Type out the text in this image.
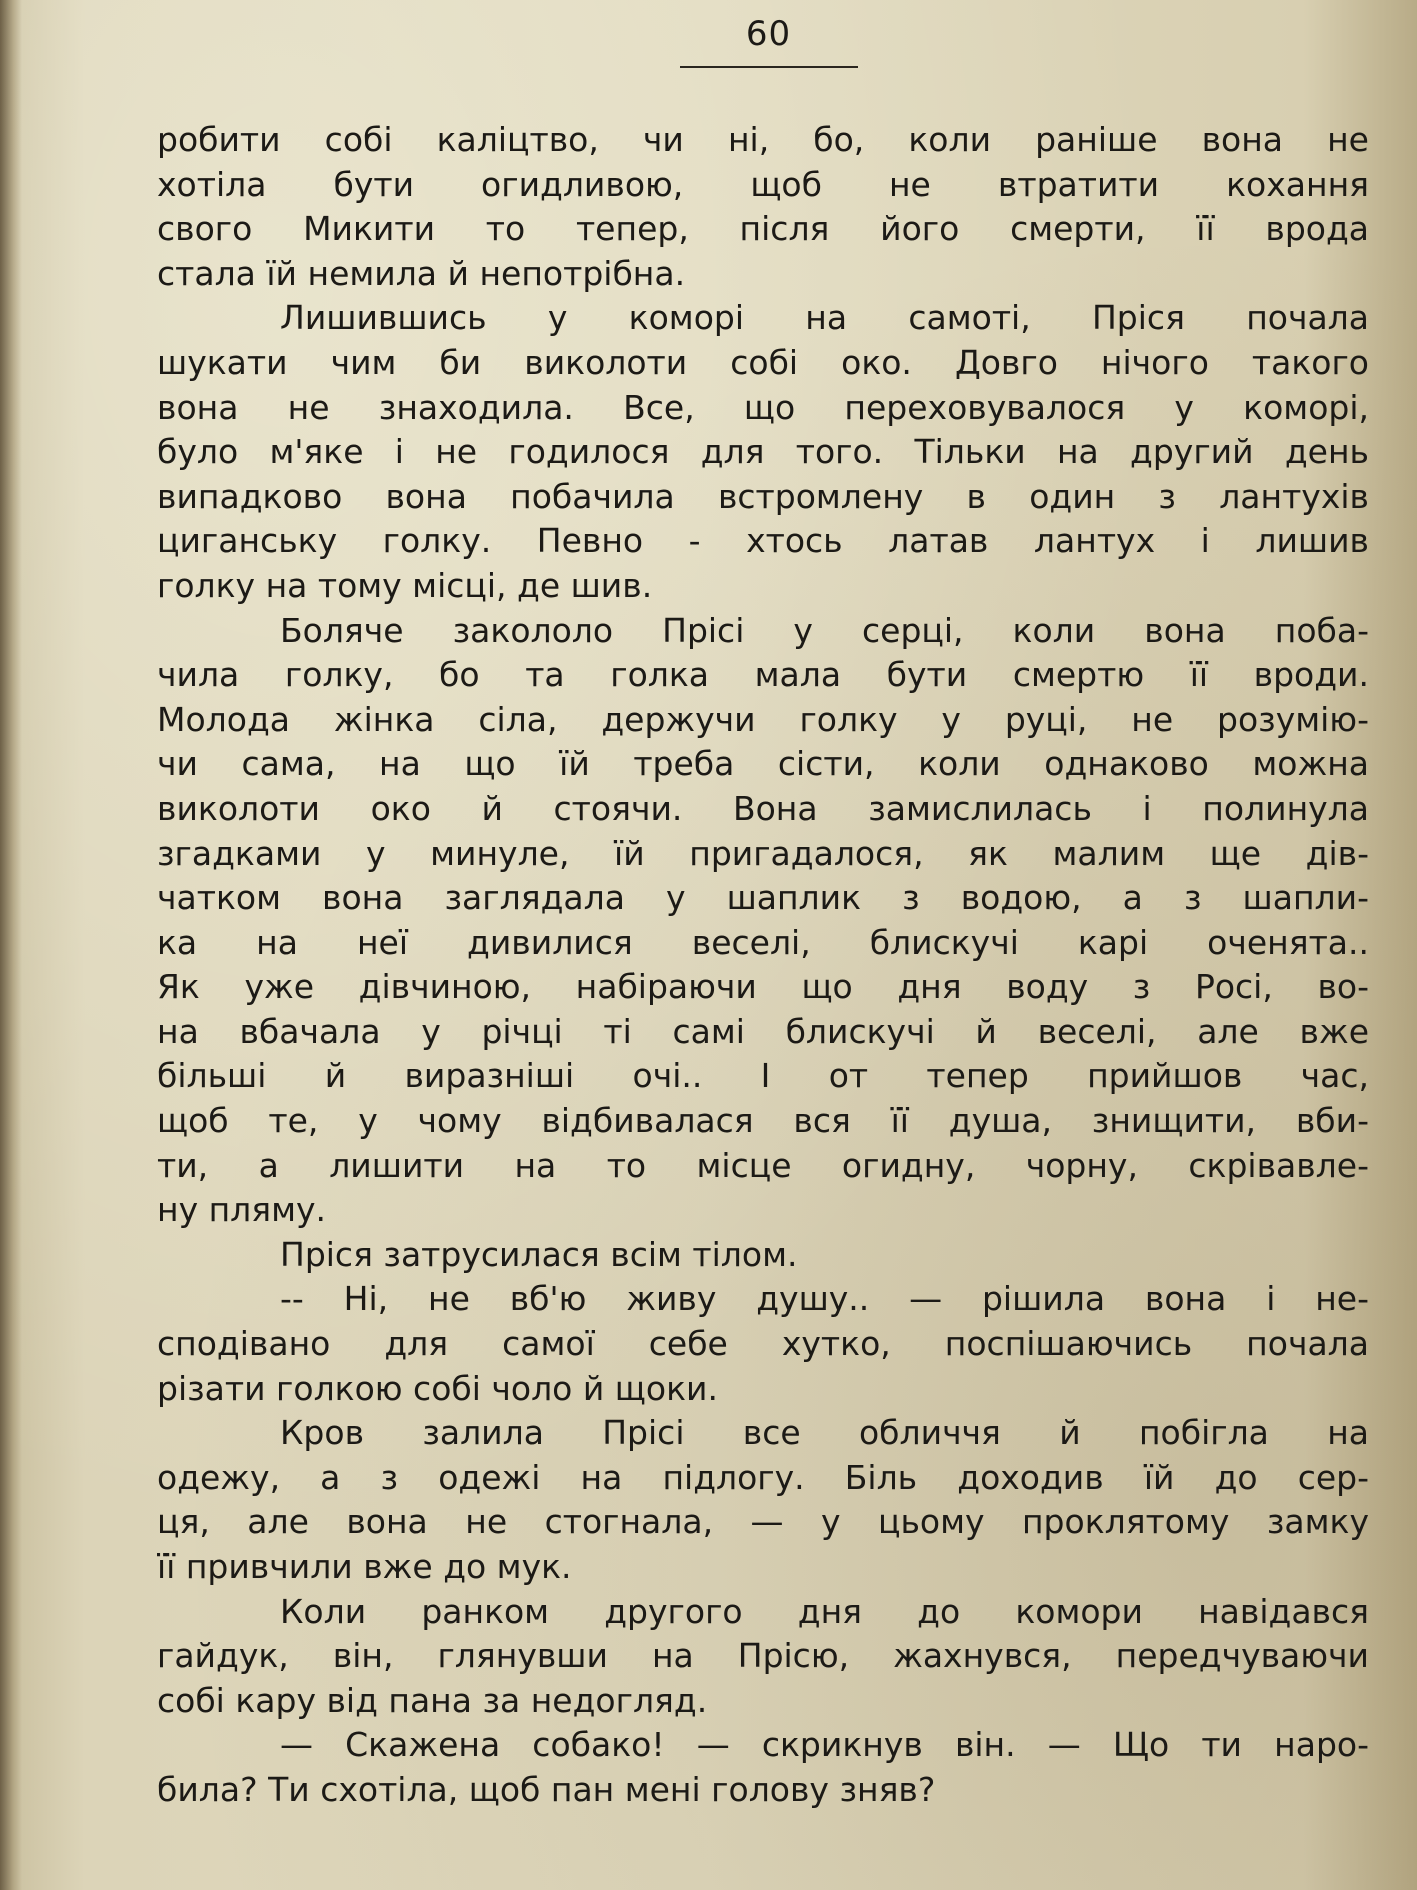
60
робити собі каліцтво, чи ні, бо, коли раніше вона не
хотіла бути огидливою, щоб не втратити кохання
свого Микити то тепер, після його смерти, її врода
стала їй немила й непотрібна.
Лишившись у коморі на самоті, Пріся почала
шукати чим би виколоти собі око. Довго нічого такого
вона не знаходила. Все, що переховувалося у коморі,
було м'яке і не годилося для того. Тільки на другий день
випадково вона побачила встромлену в один з лантухів
циганську голку. Певно - хтось латав лантух і лишив
голку на тому місці, де шив.
Боляче закололо Прісі у серці, коли вона поба-
чила голку, бо та голка мала бути смертю її вроди.
Молода жінка сіла, держучи голку у руці, не розумію-
чи сама, на що їй треба сісти, коли однаково можна
виколоти око й стоячи. Вона замислилась і полинула
згадками у минуле, їй пригадалося, як малим ще дів-
чатком вона заглядала у шаплик з водою, а з шапли-
ка на неї дивилися веселі, блискучі карі оченята..
Як уже дівчиною, набіраючи що дня воду з Росі, во-
на вбачала у річці ті самі блискучі й веселі, але вже
більші й виразніші очі.. І от тепер прийшов час,
щоб те, у чому відбивалася вся її душа, знищити, вби-
ти, а лишити на то місце огидну, чорну, скрівавле-
ну пляму.
Пріся затрусилася всім тілом.
-- Ні, не вб'ю живу душу.. — рішила вона і не-
сподівано для самої себе хутко, поспішаючись почала
різати голкою собі чоло й щоки.
Кров залила Прісі все обличчя й побігла на
одежу, а з одежі на підлогу. Біль доходив їй до сер-
ця, але вона не стогнала, — у цьому проклятому замку
її привчили вже до мук.
Коли ранком другого дня до комори навідався
гайдук, він, глянувши на Прісю, жахнувся, передчуваючи
собі кару від пана за недогляд.
— Скажена собако! — скрикнув він. — Що ти наро-
била? Ти схотіла, щоб пан мені голову зняв?
